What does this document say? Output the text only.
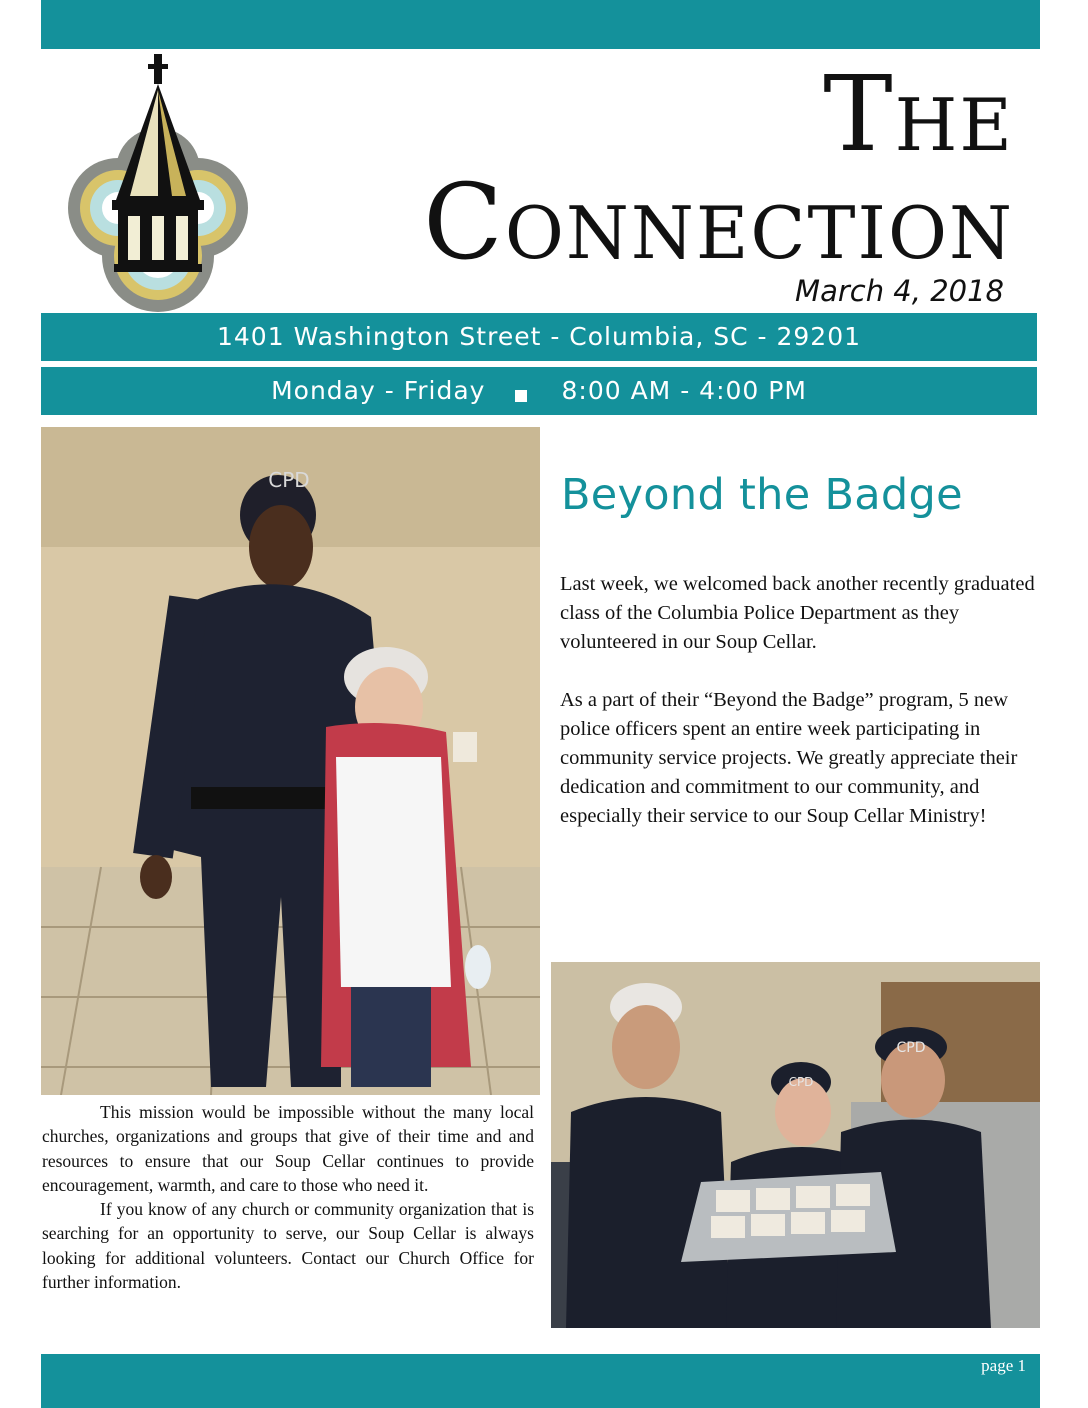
THE
CONNECTION
March 4, 2018
1401 Washington Street - Columbia, SC - 29201
Monday - Friday	8:00 AM - 4:00 PM
CPD	Beyond the Badge

Last week, we welcomed back another recently graduated class of the Columbia Police Department as they volunteered in our Soup Cellar.

As a part of their “Beyond the Badge” program, 5 new police officers spent an entire week participating in community service projects. We greatly appreciate their dedication and commitment to our community, and especially their service to our Soup Cellar Ministry!

CPD
CPD

This mission would be impossible without the many local churches, organizations and groups that give of their time and and resources to ensure that our Soup Cellar continues to provide encouragement, warmth, and care to those who need it.

If you know of any church or community organization that is searching for an opportunity to serve, our Soup Cellar is always looking for additional volunteers. Contact our Church Office for further information.

page 1
